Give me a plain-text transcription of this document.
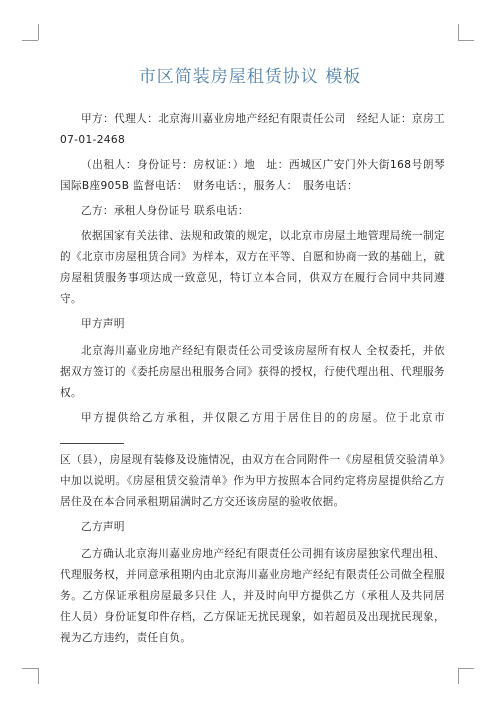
市区简装房屋租赁协议 模板

甲方：代理人：北京海川嘉业房地产经纪有限责任公司　经纪人证：京房工 07-01-2468

（出租人：身份证号：房权证：）地　址：西城区广安门外大街168号朗琴国际B座905B 监督电话：　财务电话：，服务人：　服务电话：

乙方：承租人身份证号 联系电话：

依据国家有关法律、法规和政策的规定，以北京市房屋土地管理局统一制定的《北京市房屋租赁合同》为样本，双方在平等、自愿和协商一致的基础上，就房屋租赁服务事项达成一致意见，特订立本合同，供双方在履行合同中共同遵守。

甲方声明

北京海川嘉业房地产经纪有限责任公司受该房屋所有权人 全权委托，并依据双方签订的《委托房屋出租服务合同》获得的授权，行使代理出租、代理服务权。

甲方提供给乙方承租，并仅限乙方用于居住目的的房屋。位于北京市
区（县），房屋现有装修及设施情况，由双方在合同附件一《房屋租赁交验清单》中加以说明。《房屋租赁交验清单》作为甲方按照本合同约定将房屋提供给乙方居住及在本合同承租期届满时乙方交还该房屋的验收依据。

乙方声明

乙方确认北京海川嘉业房地产经纪有限责任公司拥有该房屋独家代理出租、代理服务权，并同意承租期内由北京海川嘉业房地产经纪有限责任公司做全程服务。乙方保证承租房屋最多只住 人，并及时向甲方提供乙方（承租人及共同居住人员）身份证复印件存档，乙方保证无扰民现象，如若超员及出现扰民现象，视为乙方违约，责任自负。
